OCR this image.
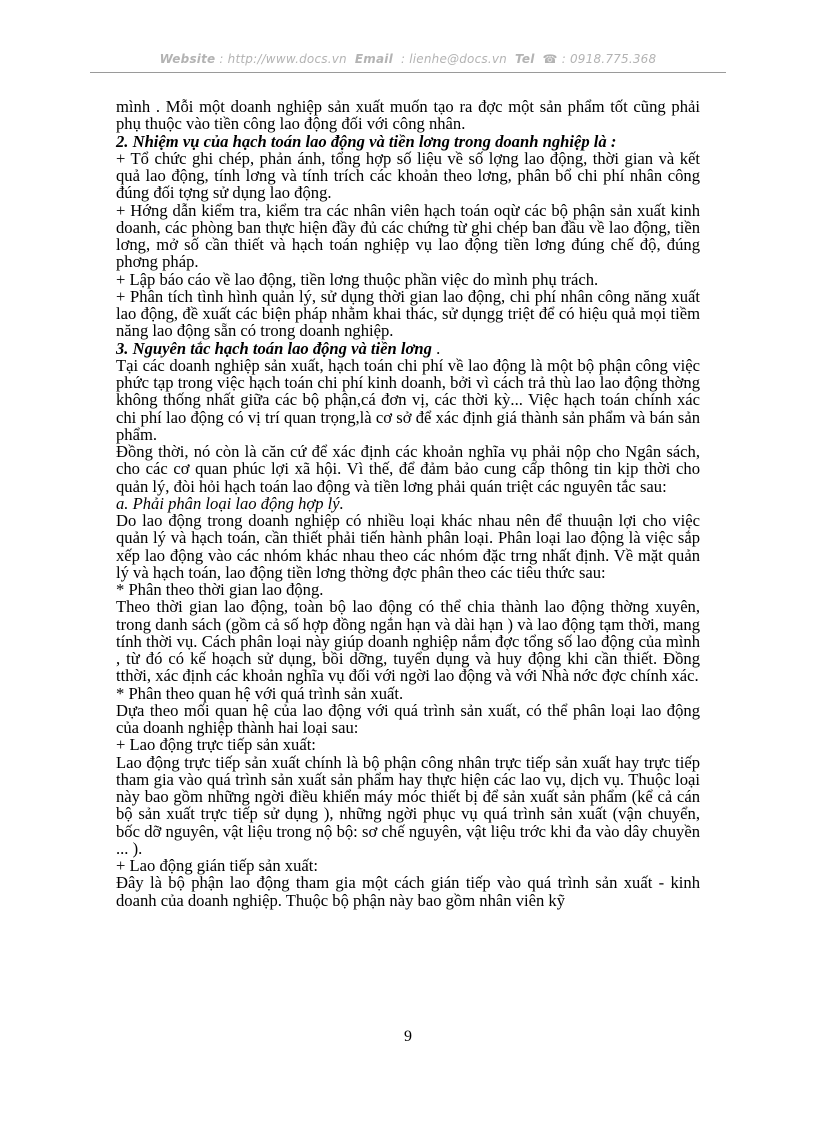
Website : http://www.docs.vn Email : lienhe@docs.vn Tel ☎ : 0918.775.368

mình . Mỗi một doanh nghiệp sản xuất muốn tạo ra đợc một sản phẩm tốt cũng phải phụ thuộc vào tiền công lao động đối với công nhân.

2. Nhiệm vụ của hạch toán lao động và tiền lơng trong doanh nghiệp là :

+ Tổ chức ghi chép, phản ánh, tổng hợp số liệu về số lợng lao động, thời gian và kết quả lao động, tính lơng và tính trích các khoản theo lơng, phân bổ chi phí nhân công đúng đối tợng sử dụng lao động.

+ Hớng dẫn kiểm tra, kiểm tra các nhân viên hạch toán oqừ các bộ phận sản xuất kinh doanh, các phòng ban thực hiện đầy đủ các chứng từ ghi chép ban đầu về lao động, tiền lơng, mở số cần thiết và hạch toán nghiệp vụ lao động tiền lơng đúng chế độ, đúng phơng pháp.

+ Lập báo cáo về lao động, tiền lơng thuộc phần việc do mình phụ trách.

+ Phân tích tình hình quản lý, sử dụng thời gian lao động, chi phí nhân công năng xuất lao động, đề xuất các biện pháp nhằm khai thác, sử dụngg triệt để có hiệu quả mọi tiềm năng lao động sẵn có trong doanh nghiệp.

3. Nguyên tắc hạch toán lao động và tiền lơng .

Tại các doanh nghiệp sản xuất, hạch toán chi phí về lao động là một bộ phận công việc phức tạp trong việc hạch toán chi phí kinh doanh, bởi vì cách trả thù lao lao động thờng không thống nhất giữa các bộ phận,cá đơn vị, các thời kỳ... Việc hạch toán chính xác chi phí lao động có vị trí quan trọng,là cơ sở để xác định giá thành sản phẩm và bán sản phẩm.

Đồng thời, nó còn là căn cứ để xác định các khoản nghĩa vụ phải nộp cho Ngân sách, cho các cơ quan phúc lợi xã hội. Vì thế, để đảm bảo cung cấp thông tin kịp thời cho quản lý, đòi hỏi hạch toán lao động và tiền lơng phải quán triệt các nguyên tắc sau:

a. Phải phân loại lao động hợp lý.

Do lao động trong doanh nghiệp có nhiều loại khác nhau nên để thuuận lợi cho việc quản lý và hạch toán, cần thiết phải tiến hành phân loại. Phân loại lao động là việc sắp xếp lao động vào các nhóm khác nhau theo các nhóm đặc trng nhất định. Về mặt quản lý và hạch toán, lao động tiền lơng thờng đợc phân theo các tiêu thức sau:

* Phân theo thời gian lao động.

Theo thời gian lao động, toàn bộ lao động có thể chia thành lao động thờng xuyên, trong danh sách (gồm cả số hợp đồng ngắn hạn và dài hạn ) và lao động tạm thời, mang tính thời vụ. Cách phân loại này giúp doanh nghiệp nắm đợc tổng số lao động của mình , từ đó có kế hoạch sử dụng, bồi dỡng, tuyển dụng và huy động khi cần thiết. Đồng tthời, xác định các khoản nghĩa vụ đối với ngời lao động và với Nhà nớc đợc chính xác.

* Phân theo quan hệ với quá trình sản xuất.

Dựa theo mối quan hệ của lao động với quá trình sản xuất, có thể phân loại lao động của doanh nghiệp thành hai loại sau:

+ Lao động trực tiếp sản xuất:

Lao động trực tiếp sản xuất chính là bộ phận công nhân trực tiếp sản xuất hay trực tiếp tham gia vào quá trình sản xuất sản phẩm hay thực hiện các lao vụ, dịch vụ. Thuộc loại này bao gồm những ngời điều khiển máy móc thiết bị để sản xuất sản phẩm (kể cả cán bộ sản xuất trực tiếp sử dụng ), những ngời phục vụ quá trình sản xuất (vận chuyển, bốc dỡ nguyên, vật liệu trong nộ bộ: sơ chế nguyên, vật liệu trớc khi đa vào dây chuyền ... ).

+ Lao động gián tiếp sản xuất:

Đây là bộ phận lao động tham gia một cách gián tiếp vào quá trình sản xuất - kinh doanh của doanh nghiệp. Thuộc bộ phận này bao gồm nhân viên kỹ

9
